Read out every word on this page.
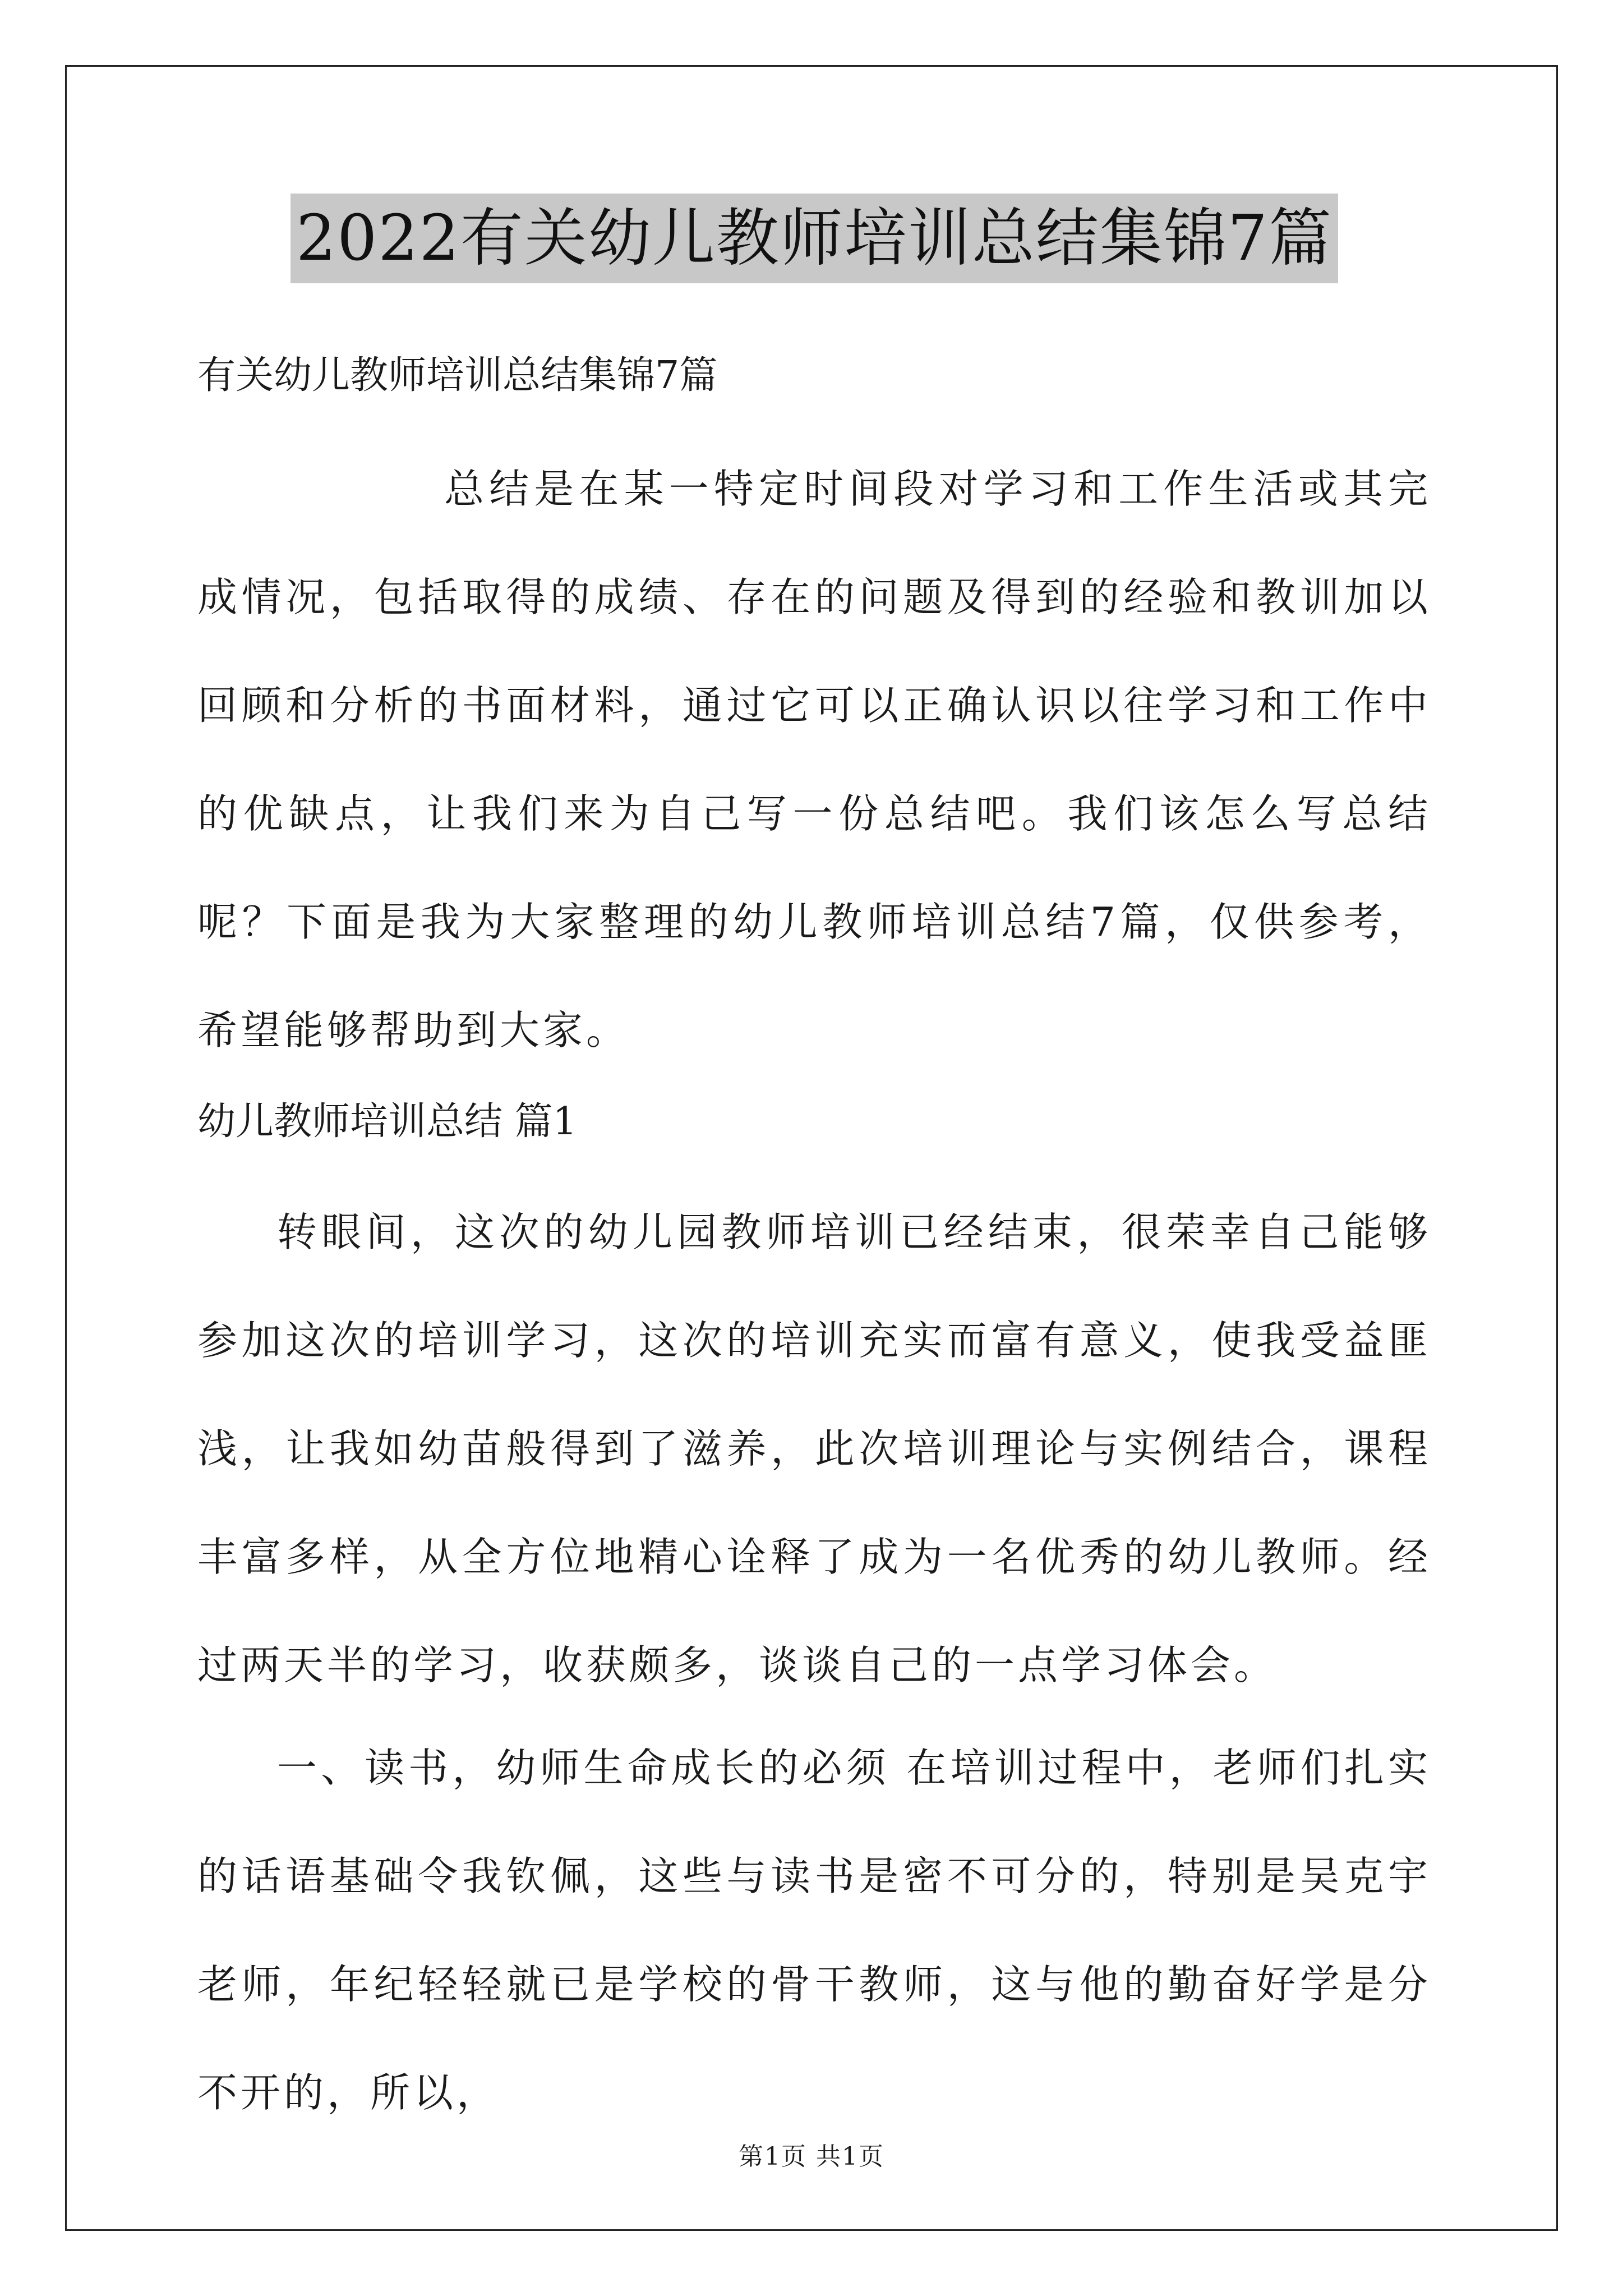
2022有关幼儿教师培训总结集锦7篇
有关幼儿教师培训总结集锦7篇

总结是在某一特定时间段对学习和工作生活或其完成情况，包括取得的成绩、存在的问题及得到的经验和教训加以回顾和分析的书面材料，通过它可以正确认识以往学习和工作中的优缺点，让我们来为自己写一份总结吧。我们该怎么写总结呢？下面是我为大家整理的幼儿教师培训总结7篇，仅供参考，希望能够帮助到大家。

幼儿教师培训总结 篇1

转眼间，这次的幼儿园教师培训已经结束，很荣幸自己能够参加这次的培训学习，这次的培训充实而富有意义，使我受益匪浅，让我如幼苗般得到了滋养，此次培训理论与实例结合，课程丰富多样，从全方位地精心诠释了成为一名优秀的幼儿教师。经过两天半的学习，收获颇多，谈谈自己的一点学习体会。

一、读书，幼师生命成长的必须 在培训过程中，老师们扎实的话语基础令我钦佩，这些与读书是密不可分的，特别是吴克宇老师，年纪轻轻就已是学校的骨干教师，这与他的勤奋好学是分不开的，所以，

第1页 共1页
